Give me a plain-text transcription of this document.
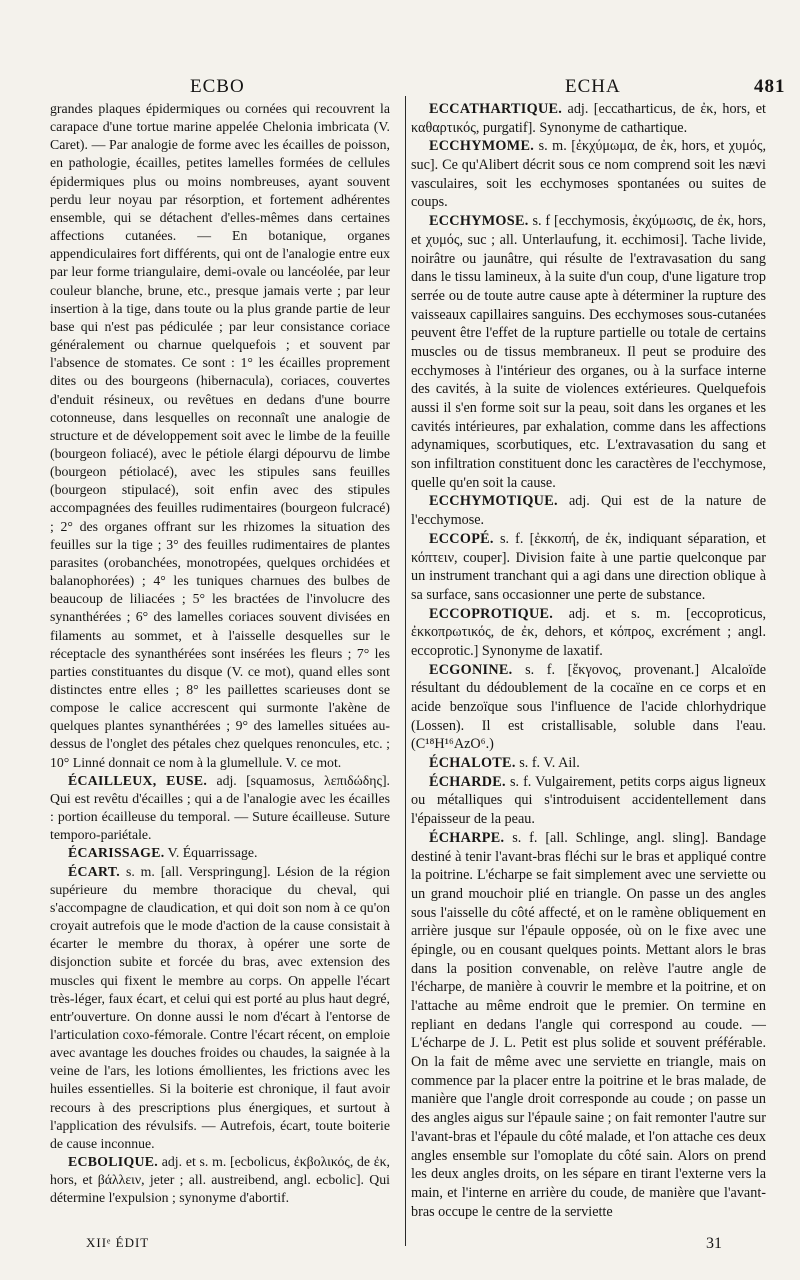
ECBO	ECHA	481

grandes plaques épidermiques ou cornées qui recouvrent la carapace d'une tortue marine appelée Chelonia imbricata (V. Caret). — Par analogie de forme avec les écailles de poisson, en pathologie, écailles, petites lamelles formées de cellules épidermiques plus ou moins nombreuses, ayant souvent perdu leur noyau par résorption, et fortement adhérentes ensemble, qui se détachent d'elles-mêmes dans certaines affections cutanées. — En botanique, organes appendiculaires fort différents, qui ont de l'analogie entre eux par leur forme triangulaire, demi-ovale ou lancéolée, par leur couleur blanche, brune, etc., presque jamais verte ; par leur insertion à la tige, dans toute ou la plus grande partie de leur base qui n'est pas pédiculée ; par leur consistance coriace généralement ou charnue quelquefois ; et souvent par l'absence de stomates. Ce sont : 1° les écailles proprement dites ou des bourgeons (hibernacula), coriaces, couvertes d'enduit résineux, ou revêtues en dedans d'une bourre cotonneuse, dans lesquelles on reconnaît une analogie de structure et de développement soit avec le limbe de la feuille (bourgeon foliacé), avec le pétiole élargi dépourvu de limbe (bourgeon pétiolacé), avec les stipules sans feuilles (bourgeon stipulacé), soit enfin avec des stipules accompagnées des feuilles rudimentaires (bourgeon fulcracé) ; 2° des organes offrant sur les rhizomes la situation des feuilles sur la tige ; 3° des feuilles rudimentaires de plantes parasites (orobanchées, monotropées, quelques orchidées et balanophorées) ; 4° les tuniques charnues des bulbes de beaucoup de liliacées ; 5° les bractées de l'involucre des synanthérées ; 6° des lamelles coriaces souvent divisées en filaments au sommet, et à l'aisselle desquelles sur le réceptacle des synanthérées sont insérées les fleurs ; 7° les parties constituantes du disque (V. ce mot), quand elles sont distinctes entre elles ; 8° les paillettes scarieuses dont se compose le calice accrescent qui surmonte l'akène de quelques plantes synanthérées ; 9° des lamelles situées au-dessus de l'onglet des pétales chez quelques renoncules, etc. ; 10° Linné donnait ce nom à la glumellule. V. ce mot.

ÉCAILLEUX, EUSE. adj. [squamosus, λεπιδώδης]. Qui est revêtu d'écailles ; qui a de l'analogie avec les écailles : portion écailleuse du temporal. — Suture écailleuse. Suture temporo-pariétale.

ÉCARISSAGE. V. Équarrissage.

ÉCART. s. m. [all. Verspringung]. Lésion de la région supérieure du membre thoracique du cheval, qui s'accompagne de claudication, et qui doit son nom à ce qu'on croyait autrefois que le mode d'action de la cause consistait à écarter le membre du thorax, à opérer une sorte de disjonction subite et forcée du bras, avec extension des muscles qui fixent le membre au corps. On appelle l'écart très-léger, faux écart, et celui qui est porté au plus haut degré, entr'ouverture. On donne aussi le nom d'écart à l'entorse de l'articulation coxo-fémorale. Contre l'écart récent, on emploie avec avantage les douches froides ou chaudes, la saignée à la veine de l'ars, les lotions émollientes, les frictions avec les huiles essentielles. Si la boiterie est chronique, il faut avoir recours à des prescriptions plus énergiques, et surtout à l'application des révulsifs. — Autrefois, écart, toute boiterie de cause inconnue.

ECBOLIQUE. adj. et s. m. [ecbolicus, ἐκβολικός, de ἐκ, hors, et βάλλειν, jeter ; all. austreibend, angl. ecbolic]. Qui détermine l'expulsion ; synonyme d'abortif.

ECCATHARTIQUE. adj. [eccatharticus, de ἐκ, hors, et καθαρτικός, purgatif]. Synonyme de cathartique.

ECCHYMOME. s. m. [ἐκχύμωμα, de ἐκ, hors, et χυμός, suc]. Ce qu'Alibert décrit sous ce nom comprend soit les nævi vasculaires, soit les ecchymoses spontanées ou suites de coups.

ECCHYMOSE. s. f [ecchymosis, ἐκχύμωσις, de ἐκ, hors, et χυμός, suc ; all. Unterlaufung, it. ecchimosi]. Tache livide, noirâtre ou jaunâtre, qui résulte de l'extravasation du sang dans le tissu lamineux, à la suite d'un coup, d'une ligature trop serrée ou de toute autre cause apte à déterminer la rupture des vaisseaux capillaires sanguins. Des ecchymoses sous-cutanées peuvent être l'effet de la rupture partielle ou totale de certains muscles ou de tissus membraneux. Il peut se produire des ecchymoses à l'intérieur des organes, ou à la surface interne des cavités, à la suite de violences extérieures. Quelquefois aussi il s'en forme soit sur la peau, soit dans les organes et les cavités intérieures, par exhalation, comme dans les affections adynamiques, scorbutiques, etc. L'extravasation du sang et son infiltration constituent donc les caractères de l'ecchymose, quelle qu'en soit la cause.

ECCHYMOTIQUE. adj. Qui est de la nature de l'ecchymose.

ECCOPÉ. s. f. [ἐκκοπή, de ἐκ, indiquant séparation, et κόπτειν, couper]. Division faite à une partie quelconque par un instrument tranchant qui a agi dans une direction oblique à sa surface, sans occasionner une perte de substance.

ECCOPROTIQUE. adj. et s. m. [eccoproticus, ἐκκοπρωτικός, de ἐκ, dehors, et κόπρος, excrément ; angl. eccoprotic.] Synonyme de laxatif.

ECGONINE. s. f. [ἔκγονος, provenant.] Alcaloïde résultant du dédoublement de la cocaïne en ce corps et en acide benzoïque sous l'influence de l'acide chlorhydrique (Lossen). Il est cristallisable, soluble dans l'eau. (C¹⁸H¹⁶AzO⁶.)

ÉCHALOTE. s. f. V. Ail.

ÉCHARDE. s. f. Vulgairement, petits corps aigus ligneux ou métalliques qui s'introduisent accidentellement dans l'épaisseur de la peau.

ÉCHARPE. s. f. [all. Schlinge, angl. sling]. Bandage destiné à tenir l'avant-bras fléchi sur le bras et appliqué contre la poitrine. L'écharpe se fait simplement avec une serviette ou un grand mouchoir plié en triangle. On passe un des angles sous l'aisselle du côté affecté, et on le ramène obliquement en arrière jusque sur l'épaule opposée, où on le fixe avec une épingle, ou en cousant quelques points. Mettant alors le bras dans la position convenable, on relève l'autre angle de l'écharpe, de manière à couvrir le membre et la poitrine, et on l'attache au même endroit que le premier. On termine en repliant en dedans l'angle qui correspond au coude. — L'écharpe de J. L. Petit est plus solide et souvent préférable. On la fait de même avec une serviette en triangle, mais on commence par la placer entre la poitrine et le bras malade, de manière que l'angle droit corresponde au coude ; on passe un des angles aigus sur l'épaule saine ; on fait remonter l'autre sur l'avant-bras et l'épaule du côté malade, et l'on attache ces deux angles ensemble sur l'omoplate du côté sain. Alors on prend les deux angles droits, on les sépare en tirant l'externe vers la main, et l'interne en arrière du coude, de manière que l'avant-bras occupe le centre de la serviette

XIIᵉ ÉDIT	31
